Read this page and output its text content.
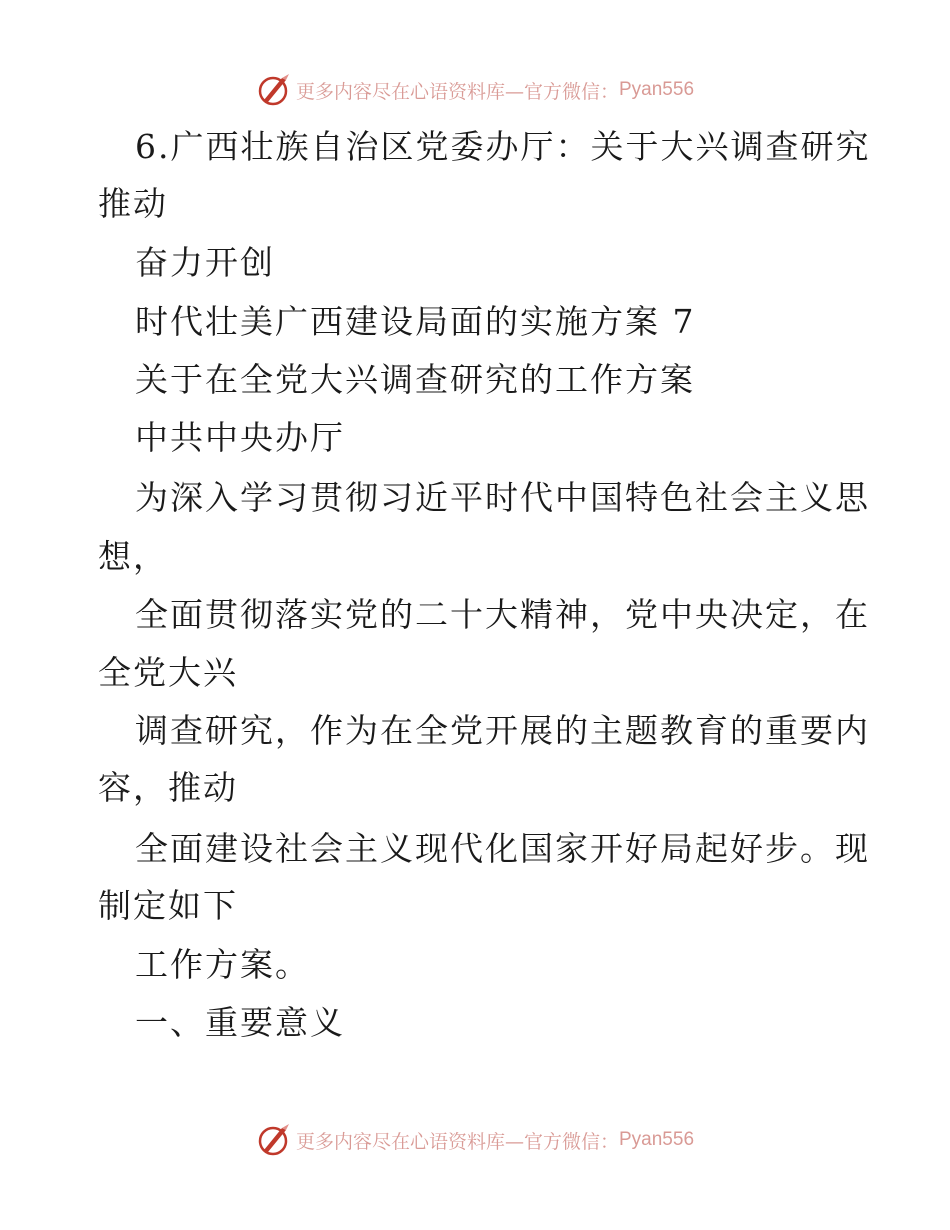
更多内容尽在心语资料库—官方微信： Pyan556
6.广西壮族自治区党委办厅：关于大兴调查研究
推动
奋力开创
时代壮美广西建设局面的实施方案 7
关于在全党大兴调查研究的工作方案
中共中央办厅
为深入学习贯彻习近平时代中国特色社会主义思
想，
全面贯彻落实党的二十大精神，党中央决定，在
全党大兴
调查研究，作为在全党开展的主题教育的重要内
容，推动
全面建设社会主义现代化国家开好局起好步。现
制定如下
工作方案。
一、重要意义
更多内容尽在心语资料库—官方微信： Pyan556
